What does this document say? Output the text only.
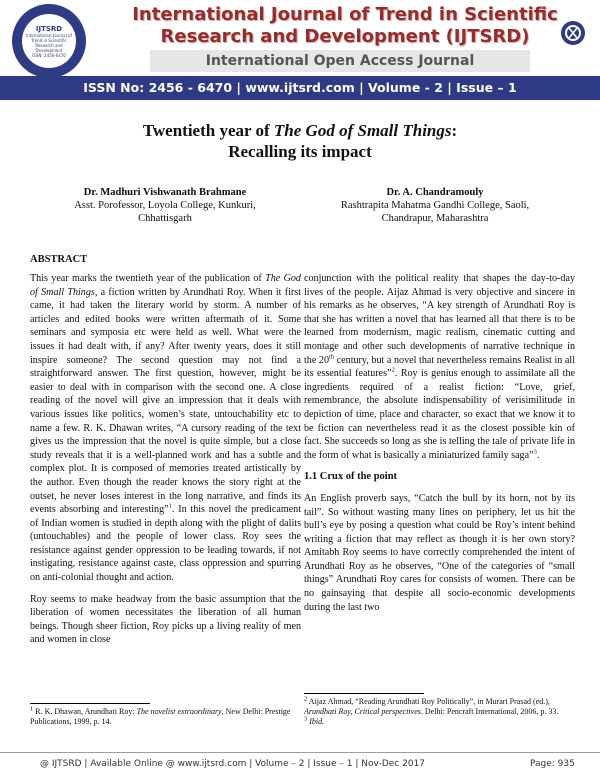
IJTSRD
International Journal of Trend in Scientific Research and Development
ISSN: 2456-6470
International Journal of Trend in Scientific
Research and Development (IJTSRD)
International Open Access Journal
ISSN No: 2456 - 6470 | www.ijtsrd.com | Volume - 2 | Issue – 1
Twentieth year of The God of Small Things:
Recalling its impact
Dr. Madhuri Vishwanath Brahmane
Asst. Porofessor, Loyola College, Kunkuri,
Chhattisgarh
Dr. A. Chandramouly
Rashtrapita Mahatma Gandhi College, Saoli,
Chandrapur, Maharashtra
ABSTRACT

This year marks the twentieth year of the publication of The God of Small Things, a fiction written by Arundhati Roy. When it first came, it had taken the literary world by storm. A number of articles and edited books were written aftermath of it. Some seminars and symposia etc were held as well. What were the issues it had dealt with, if any? After twenty years, does it still inspire someone? The second question may not find a straightforward answer. The first question, however, might be easier to deal with in comparison with the second one. A close reading of the novel will give an impression that it deals with various issues like politics, women’s state, untouchability etc to name a few. R. K. Dhawan writes, “A cursory reading of the text gives us the impression that the novel is quite simple, but a close study reveals that it is a well-planned work and has a subtle and complex plot. It is composed of memories treated artistically by the author. Even though the reader knows the story right at the outset, he never loses interest in the long narrative, and finds its events absorbing and interesting”$^1$. In this novel the predicament of Indian women is studied in depth along with the plight of dalits (untouchables) and the people of lower class. Roy sees the resistance against gender oppression to be leading towards, if not instigating, resistance against caste, class oppression and spurring on anti-colonial thought and action.

Roy seems to make headway from the basic assumption that the liberation of women necessitates the liberation of all human beings. Though sheer fiction, Roy picks up a living reality of men and women in close

$^1$ R. K. Dhawan, Arundhati Roy: The novelist extraordinary, New Delhi: Prestige Publications, 1999, p. 14.

conjunction with the political reality that shapes the day-to-day lives of the people. Aijaz Ahmad is very objective and sincere in his remarks as he observes, “A key strength of Arundhati Roy is that she has written a novel that has learned all that there is to be learned from modernism, magic realism, cinematic cutting and montage and other such developments of narrative technique in the 20th century, but a novel that nevertheless remains Realist in all its essential features”$^2$. Roy is genius enough to assimilate all the ingredients required of a realist fiction: “Love, grief, remembrance, the absolute indispensability of verisimilitude in depiction of time, place and character, so exact that we know it to be fiction can nevertheless read it as the closest possible kin of fact. She succeeds so long as she is telling the tale of private life in the form of what is basically a miniaturized family saga”$^3$.

1.1 Crux of the point

An English proverb says, “Catch the bull by its horn, not by its tail”. So without wasting many lines on periphery, let us hit the bull’s eye by posing a question what could be Roy’s intent behind writing a fiction that may reflect as though it is her own story? Amitabh Roy seems to have correctly comprehended the intent of Arundhati Roy as he observes, “One of the categories of “small things” Arundhati Roy cares for consists of women. There can be no gainsaying that despite all socio-economic developments during the last two

$^2$ Aijaz Ahmad, “Reading Arundhati Roy Politically”, in Murari Prasad (ed.), Arundhati Roy, Critical perspectives. Delhi: Pencraft International, 2006, p. 33.
$^3$ Ibid.
@ IJTSRD | Available Online @ www.ijtsrd.com | Volume – 2 | Issue – 1 | Nov-Dec 2017	Page: 935
